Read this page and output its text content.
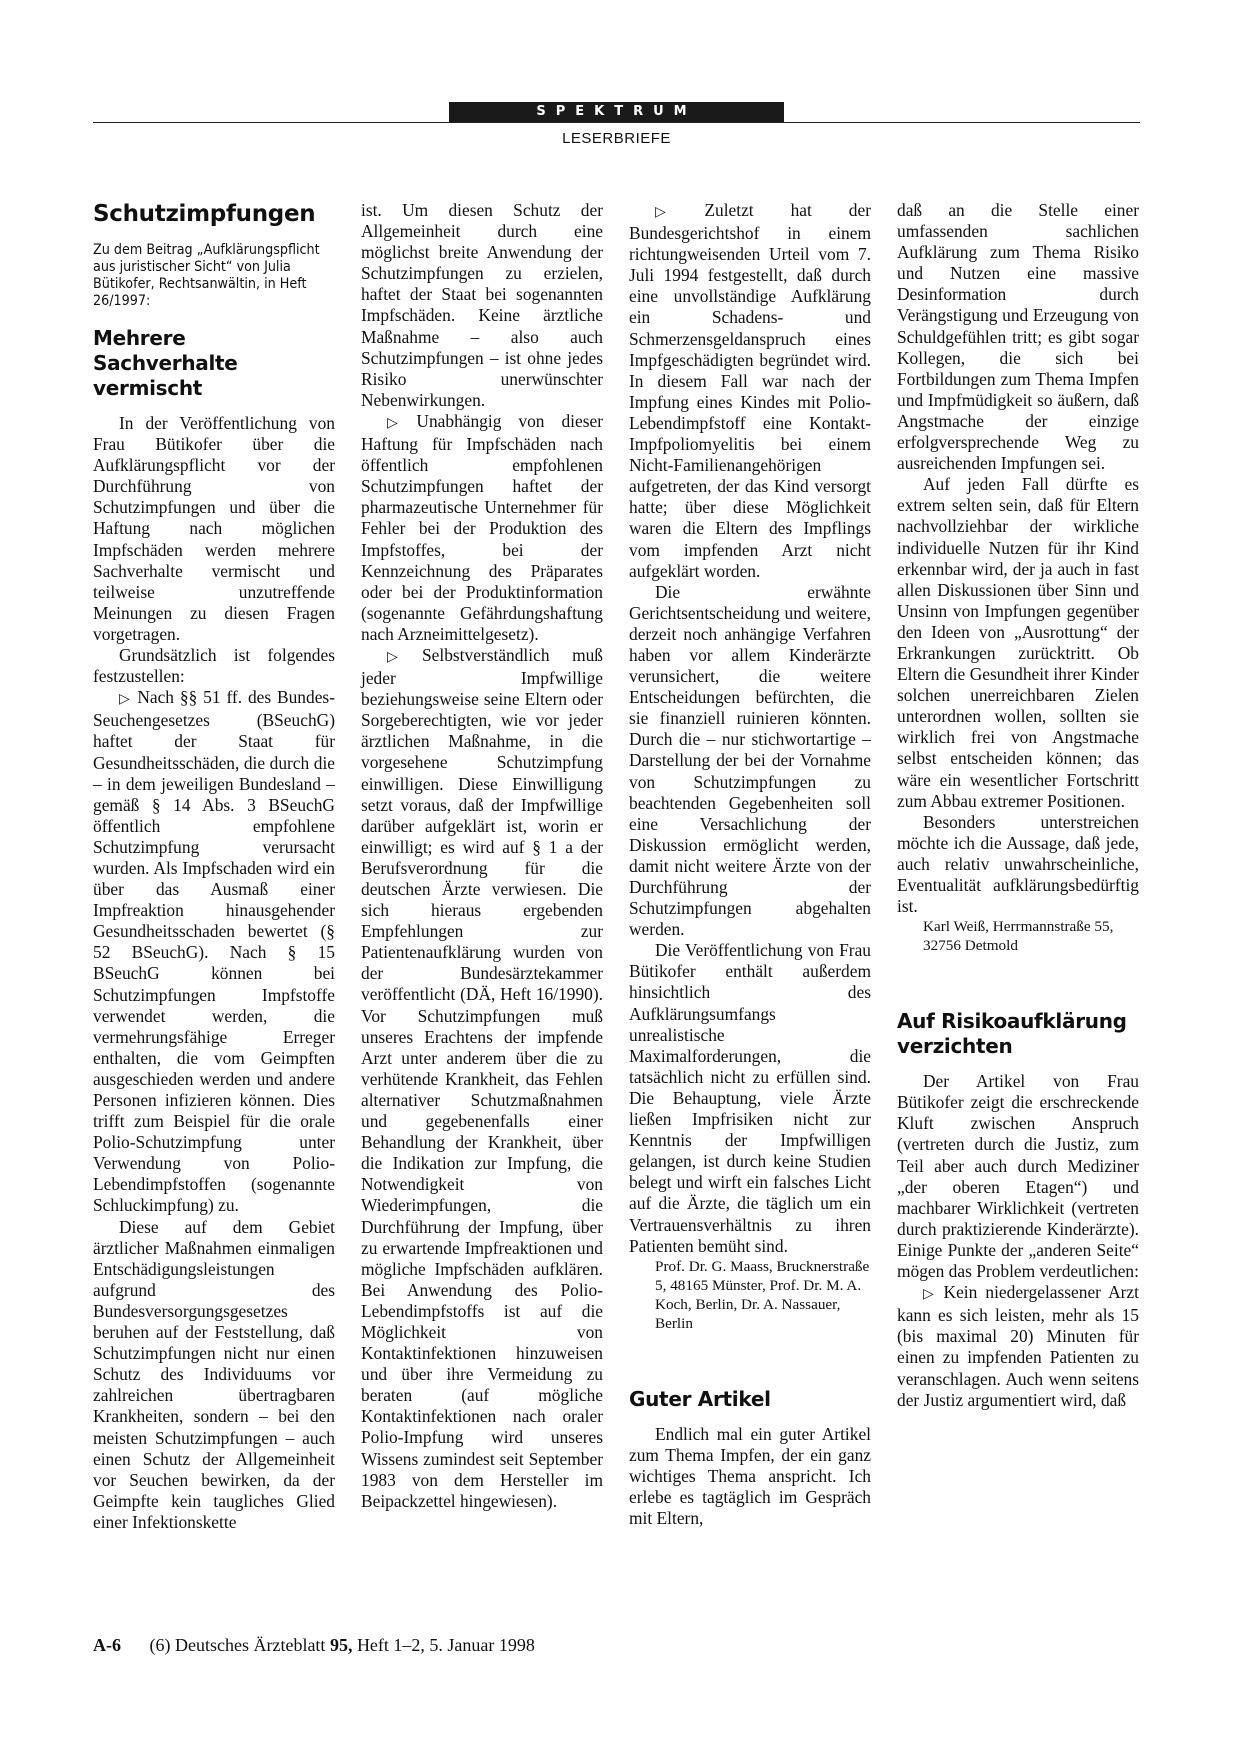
SPEKTRUM
LESERBRIEFE
Schutzimpfungen
Zu dem Beitrag „Aufklärungspflicht aus juristischer Sicht“ von Julia Bütikofer, Rechtsanwältin, in Heft 26/1997:
Mehrere Sachverhalte vermischt

In der Veröffentlichung von Frau Bütikofer über die Aufklärungspflicht vor der Durchführung von Schutzimpfungen und über die Haftung nach möglichen Impfschäden werden mehrere Sachverhalte vermischt und teilweise unzutreffende Meinungen zu diesen Fragen vorgetragen.

Grundsätzlich ist folgendes festzustellen:

▷ Nach §§ 51 ff. des Bundes-Seuchengesetzes (BSeuchG) haftet der Staat für Gesundheitsschäden, die durch die – in dem jeweiligen Bundesland – gemäß § 14 Abs. 3 BSeuchG öffentlich empfohlene Schutzimpfung verursacht wurden. Als Impfschaden wird ein über das Ausmaß einer Impfreaktion hinausgehender Gesundheitsschaden bewertet (§ 52 BSeuchG). Nach § 15 BSeuchG können bei Schutzimpfungen Impfstoffe verwendet werden, die vermehrungsfähige Erreger enthalten, die vom Geimpften ausgeschieden werden und andere Personen infizieren können. Dies trifft zum Beispiel für die orale Polio-Schutzimpfung unter Verwendung von Polio-Lebendimpfstoffen (sogenannte Schluckimpfung) zu.

Diese auf dem Gebiet ärztlicher Maßnahmen einmaligen Entschädigungsleistungen aufgrund des Bundesversorgungsgesetzes beruhen auf der Feststellung, daß Schutzimpfungen nicht nur einen Schutz des Individuums vor zahlreichen übertragbaren Krankheiten, sondern – bei den meisten Schutzimpfungen – auch einen Schutz der Allgemeinheit vor Seuchen bewirken, da der Geimpfte kein taugliches Glied einer Infektionskette

ist. Um diesen Schutz der Allgemeinheit durch eine möglichst breite Anwendung der Schutzimpfungen zu erzielen, haftet der Staat bei sogenannten Impfschäden. Keine ärztliche Maßnahme – also auch Schutzimpfungen – ist ohne jedes Risiko unerwünschter Nebenwirkungen.

▷ Unabhängig von dieser Haftung für Impfschäden nach öffentlich empfohlenen Schutzimpfungen haftet der pharmazeutische Unternehmer für Fehler bei der Produktion des Impfstoffes, bei der Kennzeichnung des Präparates oder bei der Produktinformation (sogenannte Gefährdungshaftung nach Arzneimittelgesetz).

▷ Selbstverständlich muß jeder Impfwillige beziehungsweise seine Eltern oder Sorgeberechtigten, wie vor jeder ärztlichen Maßnahme, in die vorgesehene Schutzimpfung einwilligen. Diese Einwilligung setzt voraus, daß der Impfwillige darüber aufgeklärt ist, worin er einwilligt; es wird auf § 1 a der Berufsverordnung für die deutschen Ärzte verwiesen. Die sich hieraus ergebenden Empfehlungen zur Patientenaufklärung wurden von der Bundesärztekammer veröffentlicht (DÄ, Heft 16/1990). Vor Schutzimpfungen muß unseres Erachtens der impfende Arzt unter anderem über die zu verhütende Krankheit, das Fehlen alternativer Schutzmaßnahmen und gegebenenfalls einer Behandlung der Krankheit, über die Indikation zur Impfung, die Notwendigkeit von Wiederimpfungen, die Durchführung der Impfung, über zu erwartende Impfreaktionen und mögliche Impfschäden aufklären. Bei Anwendung des Polio-Lebendimpfstoffs ist auf die Möglichkeit von Kontaktinfektionen hinzuweisen und über ihre Vermeidung zu beraten (auf mögliche Kontaktinfektionen nach oraler Polio-Impfung wird unseres Wissens zumindest seit September 1983 von dem Hersteller im Beipackzettel hingewiesen).

▷ Zuletzt hat der Bundesgerichtshof in einem richtungweisenden Urteil vom 7. Juli 1994 festgestellt, daß durch eine unvollständige Aufklärung ein Schadens- und Schmerzensgeldanspruch eines Impfgeschädigten begründet wird. In diesem Fall war nach der Impfung eines Kindes mit Polio-Lebendimpfstoff eine Kontakt-Impfpoliomyelitis bei einem Nicht-Familienangehörigen aufgetreten, der das Kind versorgt hatte; über diese Möglichkeit waren die Eltern des Impflings vom impfenden Arzt nicht aufgeklärt worden.

Die erwähnte Gerichtsentscheidung und weitere, derzeit noch anhängige Verfahren haben vor allem Kinderärzte verunsichert, die weitere Entscheidungen befürchten, die sie finanziell ruinieren könnten. Durch die – nur stichwortartige – Darstellung der bei der Vornahme von Schutzimpfungen zu beachtenden Gegebenheiten soll eine Versachlichung der Diskussion ermöglicht werden, damit nicht weitere Ärzte von der Durchführung der Schutzimpfungen abgehalten werden.

Die Veröffentlichung von Frau Bütikofer enthält außerdem hinsichtlich des Aufklärungsumfangs unrealistische Maximalforderungen, die tatsächlich nicht zu erfüllen sind. Die Behauptung, viele Ärzte ließen Impfrisiken nicht zur Kenntnis der Impfwilligen gelangen, ist durch keine Studien belegt und wirft ein falsches Licht auf die Ärzte, die täglich um ein Vertrauensverhältnis zu ihren Patienten bemüht sind.

Prof. Dr. G. Maass, Brucknerstraße 5, 48165 Münster, Prof. Dr. M. A. Koch, Berlin, Dr. A. Nassauer, Berlin

Guter Artikel

Endlich mal ein guter Artikel zum Thema Impfen, der ein ganz wichtiges Thema anspricht. Ich erlebe es tagtäglich im Gespräch mit Eltern,

daß an die Stelle einer umfassenden sachlichen Aufklärung zum Thema Risiko und Nutzen eine massive Desinformation durch Verängstigung und Erzeugung von Schuldgefühlen tritt; es gibt sogar Kollegen, die sich bei Fortbildungen zum Thema Impfen und Impfmüdigkeit so äußern, daß Angstmache der einzige erfolgversprechende Weg zu ausreichenden Impfungen sei.

Auf jeden Fall dürfte es extrem selten sein, daß für Eltern nachvollziehbar der wirkliche individuelle Nutzen für ihr Kind erkennbar wird, der ja auch in fast allen Diskussionen über Sinn und Unsinn von Impfungen gegenüber den Ideen von „Ausrottung“ der Erkrankungen zurücktritt. Ob Eltern die Gesundheit ihrer Kinder solchen unerreichbaren Zielen unterordnen wollen, sollten sie wirklich frei von Angstmache selbst entscheiden können; das wäre ein wesentlicher Fortschritt zum Abbau extremer Positionen.

Besonders unterstreichen möchte ich die Aussage, daß jede, auch relativ unwahrscheinliche, Eventualität aufklärungsbedürftig ist.

Karl Weiß, Herrmannstraße 55, 32756 Detmold

Auf Risikoaufklärung verzichten

Der Artikel von Frau Bütikofer zeigt die erschreckende Kluft zwischen Anspruch (vertreten durch die Justiz, zum Teil aber auch durch Mediziner „der oberen Etagen“) und machbarer Wirklichkeit (vertreten durch praktizierende Kinderärzte). Einige Punkte der „anderen Seite“ mögen das Problem verdeutlichen:

▷ Kein niedergelassener Arzt kann es sich leisten, mehr als 15 (bis maximal 20) Minuten für einen zu impfenden Patienten zu veranschlagen. Auch wenn seitens der Justiz argumentiert wird, daß

A-6 (6) Deutsches Ärzteblatt 95, Heft 1–2, 5. Januar 1998
